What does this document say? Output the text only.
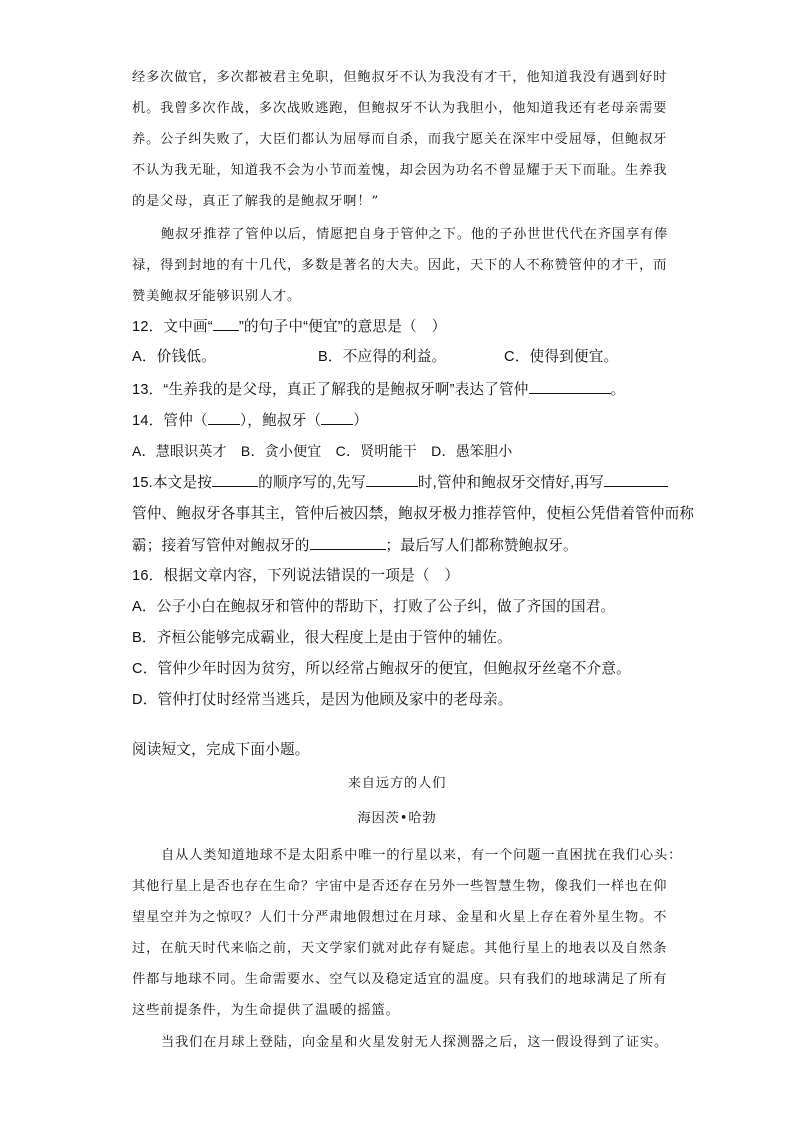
经多次做官，多次都被君主免职，但鲍叔牙不认为我没有才干，他知道我没有遇到好时
机。我曾多次作战，多次战败逃跑，但鲍叔牙不认为我胆小，他知道我还有老母亲需要
养。公子纠失败了，大臣们都认为屈辱而自杀，而我宁愿关在深牢中受屈辱，但鲍叔牙
不认为我无耻，知道我不会为小节而羞愧，却会因为功名不曾显耀于天下而耻。生养我
的是父母，真正了解我的是鲍叔牙啊！”
鲍叔牙推荐了管仲以后，情愿把自身于管仲之下。他的子孙世世代代在齐国享有俸
禄，得到封地的有十几代，多数是著名的大夫。因此，天下的人不称赞管仲的才干，而
赞美鲍叔牙能够识别人才。
12．文中画“ ”的句子中“便宜”的意思是（　）
A．价钱低。	B．不应得的利益。	C．使得到便宜。
13．“生养我的是父母，真正了解我的是鲍叔牙啊”表达了管仲	。
14．管仲（ ），鲍叔牙（ ）
A．慧眼识英才　B．贪小便宜　C．贤明能干　D．愚笨胆小
15.本文是按	的顺序写的,先写	时,管仲和鲍叔牙交情好,再写
管仲、鲍叔牙各事其主，管仲后被囚禁，鲍叔牙极力推荐管仲，使桓公凭借着管仲而称
霸；接着写管仲对鲍叔牙的	；最后写人们都称赞鲍叔牙。
16．根据文章内容，下列说法错误的一项是（　）
A．公子小白在鲍叔牙和管仲的帮助下，打败了公子纠，做了齐国的国君。
B．齐桓公能够完成霸业，很大程度上是由于管仲的辅佐。
C．管仲少年时因为贫穷，所以经常占鲍叔牙的便宜，但鲍叔牙丝毫不介意。
D．管仲打仗时经常当逃兵，是因为他顾及家中的老母亲。
阅读短文，完成下面小题。
来自远方的人们
海因茨•哈勃
自从人类知道地球不是太阳系中唯一的行星以来，有一个问题一直困扰在我们心头：
其他行星上是否也存在生命？宇宙中是否还存在另外一些智慧生物，像我们一样也在仰
望星空并为之惊叹？人们十分严肃地假想过在月球、金星和火星上存在着外星生物。不
过，在航天时代来临之前，天文学家们就对此存有疑虑。其他行星上的地表以及自然条
件都与地球不同。生命需要水、空气以及稳定适宜的温度。只有我们的地球满足了所有
这些前提条件，为生命提供了温暖的摇篮。
当我们在月球上登陆，向金星和火星发射无人探测器之后，这一假设得到了证实。
